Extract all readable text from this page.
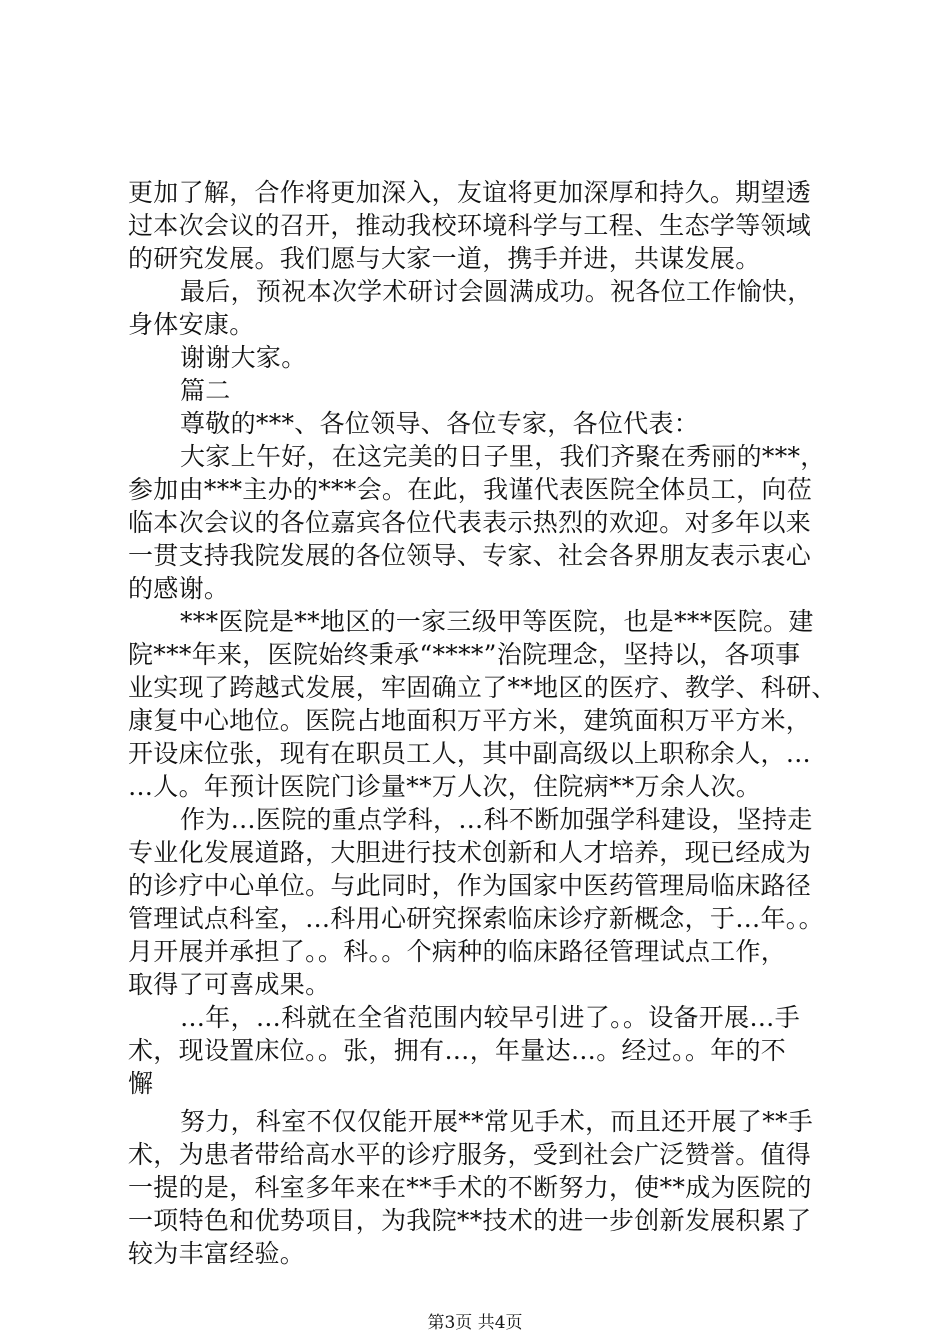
更加了解，合作将更加深入，友谊将更加深厚和持久。期望透
过本次会议的召开，推动我校环境科学与工程、生态学等领域
的研究发展。我们愿与大家一道，携手并进，共谋发展。
最后，预祝本次学术研讨会圆满成功。祝各位工作愉快，
身体安康。
谢谢大家。
篇二
尊敬的***、各位领导、各位专家，各位代表：
大家上午好，在这完美的日子里，我们齐聚在秀丽的***，
参加由***主办的***会。在此，我谨代表医院全体员工，向莅
临本次会议的各位嘉宾各位代表表示热烈的欢迎。对多年以来
一贯支持我院发展的各位领导、专家、社会各界朋友表示衷心
的感谢。
***医院是**地区的一家三级甲等医院，也是***医院。建
院***年来，医院始终秉承“****”治院理念，坚持以，各项事
业实现了跨越式发展，牢固确立了**地区的医疗、教学、科研、
康复中心地位。医院占地面积万平方米，建筑面积万平方米，
开设床位张，现有在职员工人，其中副高级以上职称余人，…
…人。年预计医院门诊量**万人次，住院病**万余人次。
作为…医院的重点学科，…科不断加强学科建设，坚持走
专业化发展道路，大胆进行技术创新和人才培养，现已经成为
的诊疗中心单位。与此同时，作为国家中医药管理局临床路径
管理试点科室，…科用心研究探索临床诊疗新概念，于…年。。
月开展并承担了。。科。。个病种的临床路径管理试点工作，
取得了可喜成果。
…年，…科就在全省范围内较早引进了。。设备开展…手
术，现设置床位。。张，拥有…，年量达…。经过。。年的不
懈
努力，科室不仅仅能开展**常见手术，而且还开展了**手
术，为患者带给高水平的诊疗服务，受到社会广泛赞誉。值得
一提的是，科室多年来在**手术的不断努力，使**成为医院的
一项特色和优势项目，为我院**技术的进一步创新发展积累了
较为丰富经验。
第3页 共4页
